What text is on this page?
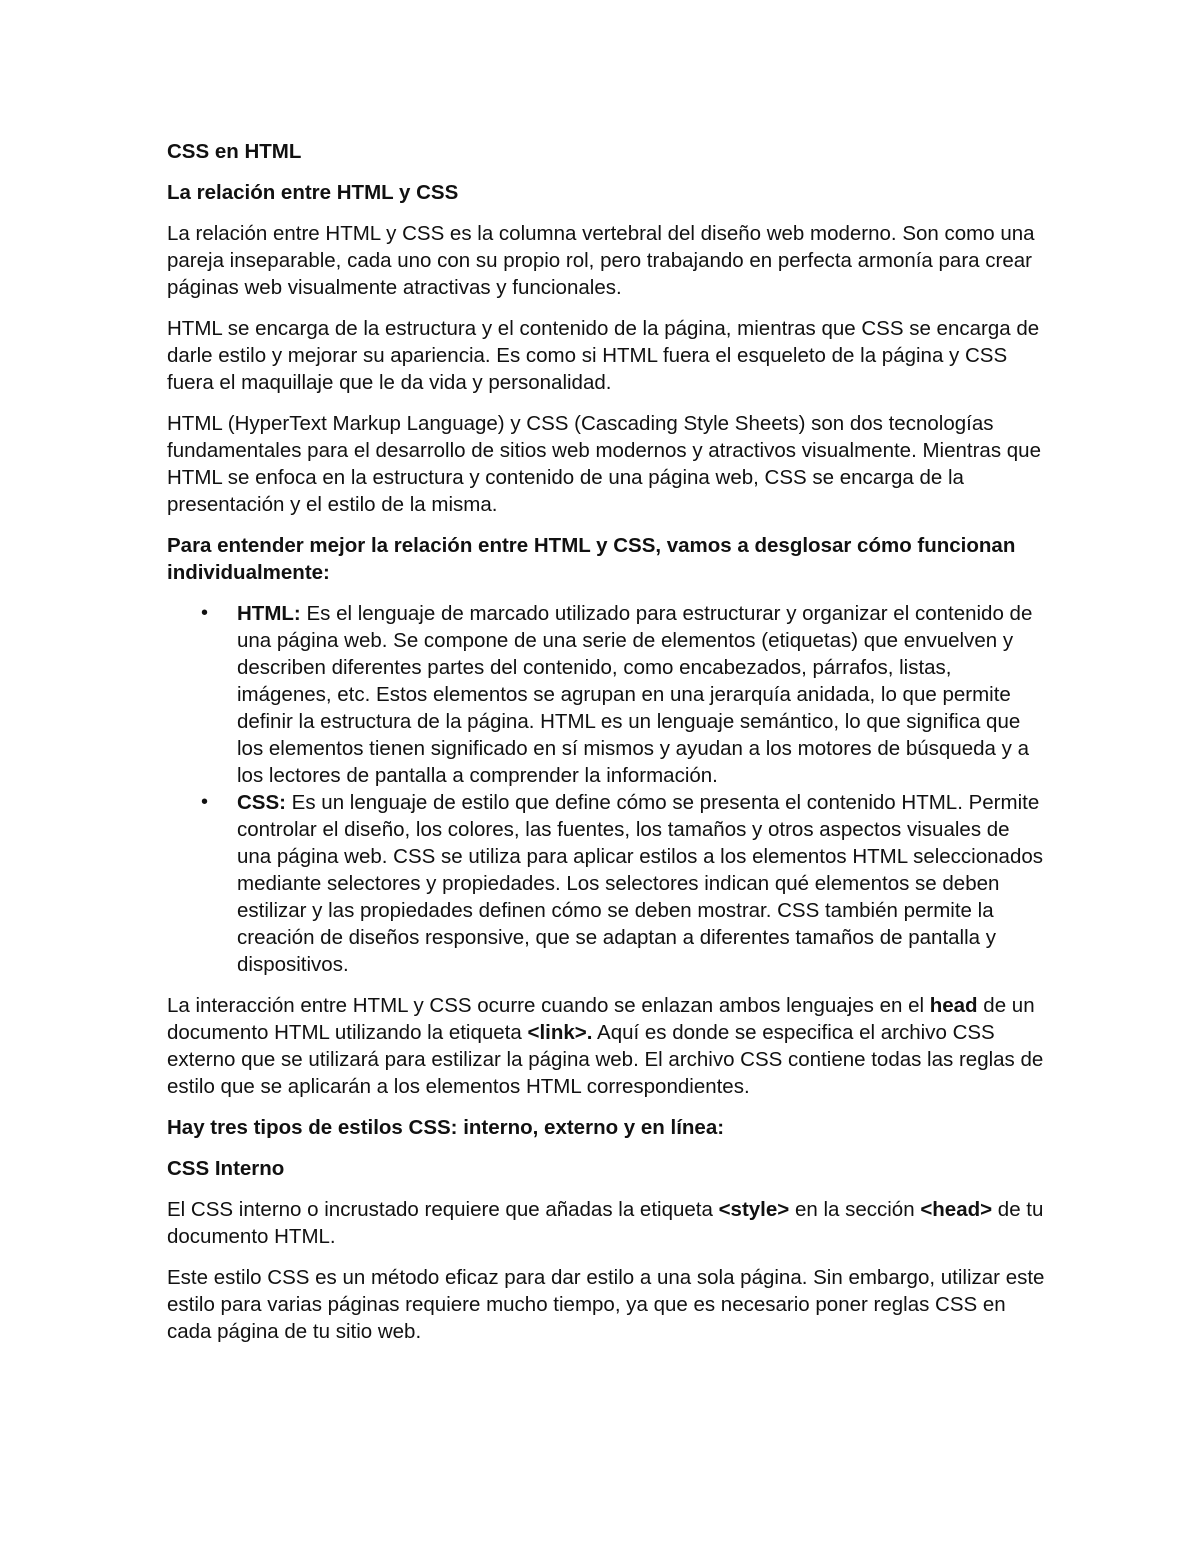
CSS en HTML
La relación entre HTML y CSS

La relación entre HTML y CSS es la columna vertebral del diseño web moderno. Son como una pareja inseparable, cada uno con su propio rol, pero trabajando en perfecta armonía para crear páginas web visualmente atractivas y funcionales.

HTML se encarga de la estructura y el contenido de la página, mientras que CSS se encarga de darle estilo y mejorar su apariencia. Es como si HTML fuera el esqueleto de la página y CSS fuera el maquillaje que le da vida y personalidad.

HTML (HyperText Markup Language) y CSS (Cascading Style Sheets) son dos tecnologías fundamentales para el desarrollo de sitios web modernos y atractivos visualmente. Mientras que HTML se enfoca en la estructura y contenido de una página web, CSS se encarga de la presentación y el estilo de la misma.

Para entender mejor la relación entre HTML y CSS, vamos a desglosar cómo funcionan individualmente:
• HTML: Es el lenguaje de marcado utilizado para estructurar y organizar el contenido de una página web. Se compone de una serie de elementos (etiquetas) que envuelven y describen diferentes partes del contenido, como encabezados, párrafos, listas, imágenes, etc. Estos elementos se agrupan en una jerarquía anidada, lo que permite definir la estructura de la página. HTML es un lenguaje semántico, lo que significa que los elementos tienen significado en sí mismos y ayudan a los motores de búsqueda y a los lectores de pantalla a comprender la información.
• CSS: Es un lenguaje de estilo que define cómo se presenta el contenido HTML. Permite controlar el diseño, los colores, las fuentes, los tamaños y otros aspectos visuales de una página web. CSS se utiliza para aplicar estilos a los elementos HTML seleccionados mediante selectores y propiedades. Los selectores indican qué elementos se deben estilizar y las propiedades definen cómo se deben mostrar. CSS también permite la creación de diseños responsive, que se adaptan a diferentes tamaños de pantalla y dispositivos.

La interacción entre HTML y CSS ocurre cuando se enlazan ambos lenguajes en el head de un documento HTML utilizando la etiqueta <link>. Aquí es donde se especifica el archivo CSS externo que se utilizará para estilizar la página web. El archivo CSS contiene todas las reglas de estilo que se aplicarán a los elementos HTML correspondientes.

Hay tres tipos de estilos CSS: interno, externo y en línea:
CSS Interno

El CSS interno o incrustado requiere que añadas la etiqueta <style> en la sección <head> de tu documento HTML.

Este estilo CSS es un método eficaz para dar estilo a una sola página. Sin embargo, utilizar este estilo para varias páginas requiere mucho tiempo, ya que es necesario poner reglas CSS en cada página de tu sitio web.
